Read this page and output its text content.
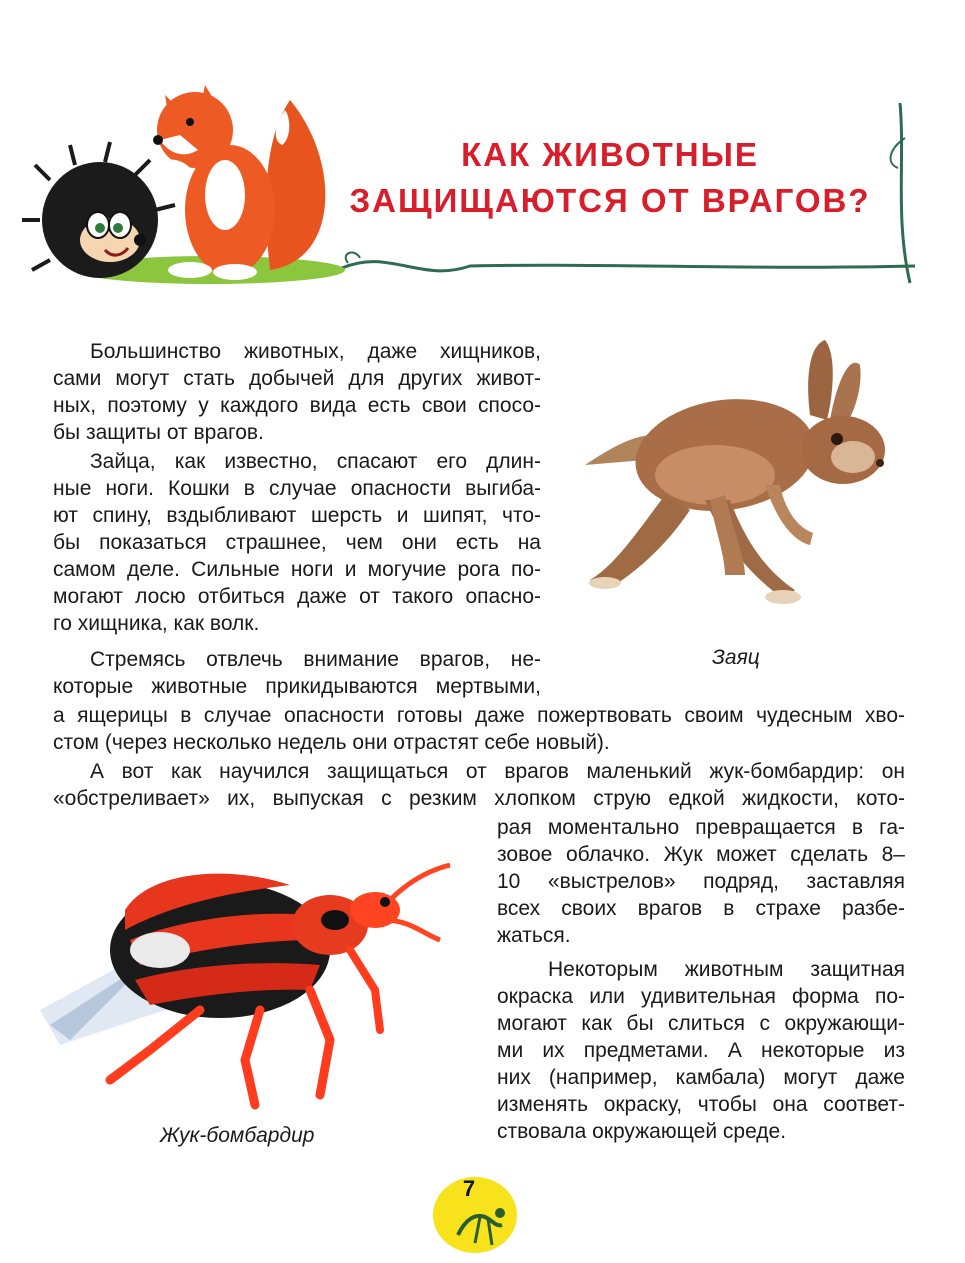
КАК ЖИВОТНЫЕ
ЗАЩИЩАЮТСЯ ОТ ВРАГОВ?

Заяц

Большинство животных, даже хищников,

сами могут стать добычей для других живот-

ных, поэтому у каждого вида есть свои спосо-

бы защиты от врагов.

Зайца, как известно, спасают его длин-

ные ноги. Кошки в случае опасности выгиба-

ют спину, вздыбливают шерсть и шипят, что-

бы показаться страшнее, чем они есть на

самом деле. Сильные ноги и могучие рога по-

могают лосю отбиться даже от такого опасно-

го хищника, как волк.

Стремясь отвлечь внимание врагов, не-

которые животные прикидываются мертвыми,

а ящерицы в случае опасности готовы даже пожертвовать своим чудесным хво-

стом (через несколько недель они отрастят себе новый).

А вот как научился защищаться от врагов маленький жук-бомбардир: он

«обстреливает» их, выпуская с резким хлопком струю едкой жидкости, кото-

рая моментально превращается в га-

зовое облачко. Жук может сделать 8–

10 «выстрелов» подряд, заставляя

всех своих врагов в страхе разбе-

жаться.

Некоторым животным защитная

окраска или удивительная форма по-

могают как бы слиться с окружающи-

ми их предметами. А некоторые из

них (например, камбала) могут даже

изменять окраску, чтобы она соответ-

ствовала окружающей среде.

Жук-бомбардир

7
